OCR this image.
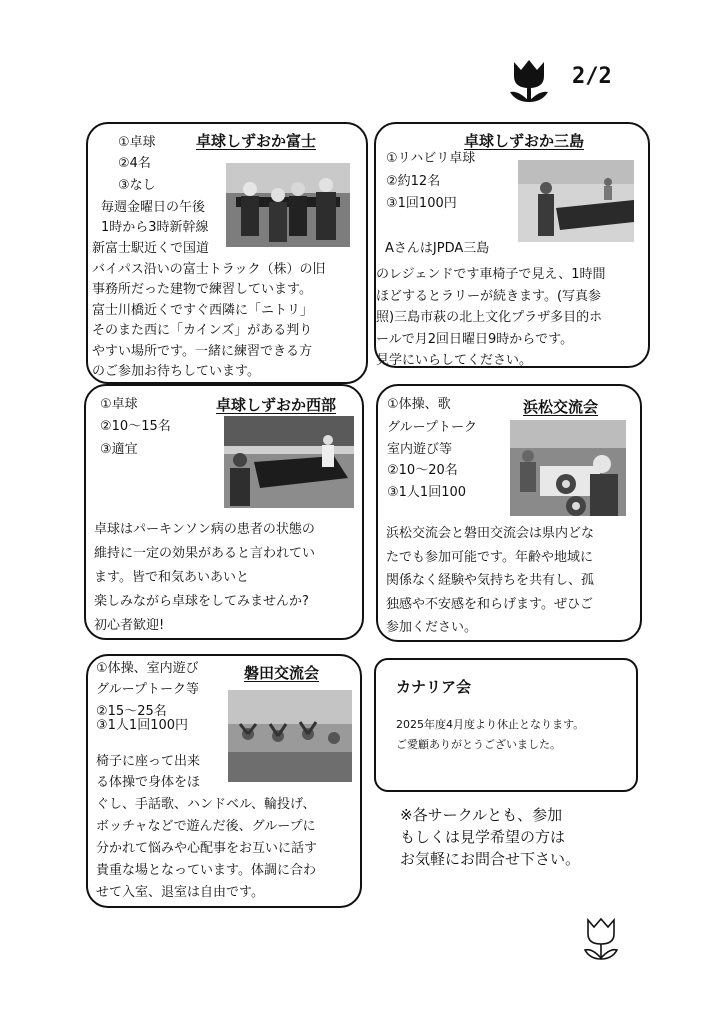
2/2
①卓球	卓球しずおか富士
②4名
③なし
毎週金曜日の午後
1時から3時新幹線
新富士駅近くで国道
バイパス沿いの富士トラック（株）の旧
事務所だった建物で練習しています。
富士川橋近くですぐ西隣に「ニトリ」
そのまた西に「カインズ」がある判り
やすい場所です。一緒に練習できる方
のご参加お待ちしています。
卓球しずおか三島
①リハビリ卓球
②約12名
③1回100円
AさんはJPDA三島
のレジェンドです車椅子で見え、1時間
ほどするとラリーが続きます。(写真参
照)三島市萩の北上文化プラザ多目的ホ
ールで月2回日曜日9時からです。
見学にいらしてください。
①卓球	卓球しずおか西部
②10～15名
③適宜
卓球はパーキンソン病の患者の状態の
維持に一定の効果があると言われてい
ます。皆で和気あいあいと
楽しみながら卓球をしてみませんか?
初心者歓迎!
①体操、歌	浜松交流会
グループトーク
室内遊び等
②10～20名
③1人1回100
浜松交流会と磐田交流会は県内どな
たでも参加可能です。年齢や地域に
関係なく経験や気持ちを共有し、孤
独感や不安感を和らげます。ぜひご
参加ください。
①体操、室内遊び	磐田交流会
グループトーク等
②15～25名
③1人1回100円
椅子に座って出来
る体操で身体をほ
ぐし、手話歌、ハンドベル、輪投げ、
ボッチャなどで遊んだ後、グループに
分かれて悩みや心配事をお互いに話す
貴重な場となっています。体調に合わ
せて入室、退室は自由です。
カナリア会
2025年度4月度より休止となります。
ご愛顧ありがとうございました。
※各サークルとも、参加
もしくは見学希望の方は
お気軽にお問合せ下さい。
